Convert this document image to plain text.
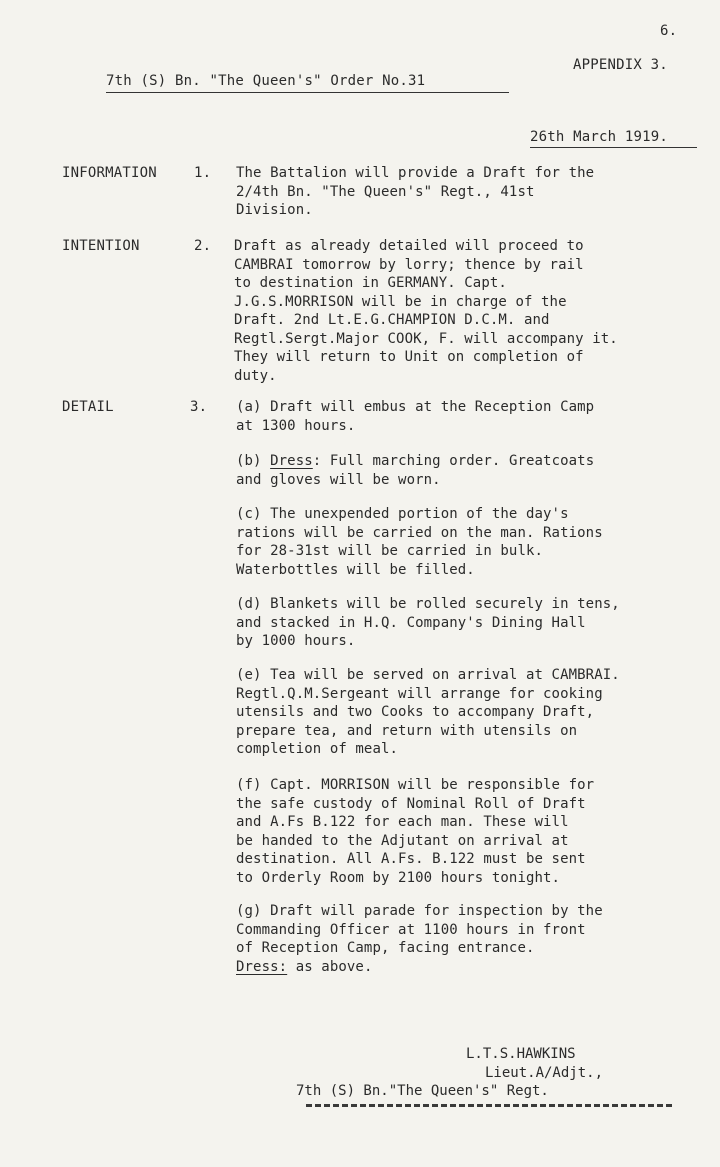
6.
APPENDIX 3.
7th (S) Bn. "The Queen's" Order No.31
26th March 1919.
INFORMATION	1. The Battalion will provide a Draft for the
2/4th Bn. "The Queen's" Regt., 41st
Division.
INTENTION	2. Draft as already detailed will proceed to
CAMBRAI tomorrow by lorry; thence by rail
to destination in GERMANY. Capt.
J.G.S.MORRISON will be in charge of the
Draft. 2nd Lt.E.G.CHAMPION D.C.M. and
Regtl.Sergt.Major COOK, F. will accompany it.
They will return to Unit on completion of
duty.
DETAIL	3. (a) Draft will embus at the Reception Camp
at 1300 hours.
(b) Dress: Full marching order. Greatcoats
and gloves will be worn.
(c) The unexpended portion of the day's
rations will be carried on the man. Rations
for 28-31st will be carried in bulk.
Waterbottles will be filled.
(d) Blankets will be rolled securely in tens,
and stacked in H.Q. Company's Dining Hall
by 1000 hours.
(e) Tea will be served on arrival at CAMBRAI.
Regtl.Q.M.Sergeant will arrange for cooking
utensils and two Cooks to accompany Draft,
prepare tea, and return with utensils on
completion of meal.
(f) Capt. MORRISON will be responsible for
the safe custody of Nominal Roll of Draft
and A.Fs B.122 for each man. These will
be handed to the Adjutant on arrival at
destination. All A.Fs. B.122 must be sent
to Orderly Room by 2100 hours tonight.
(g) Draft will parade for inspection by the
Commanding Officer at 1100 hours in front
of Reception Camp, facing entrance.
Dress: as above.
L.T.S.HAWKINS
Lieut.A/Adjt.,
7th (S) Bn."The Queen's" Regt.
